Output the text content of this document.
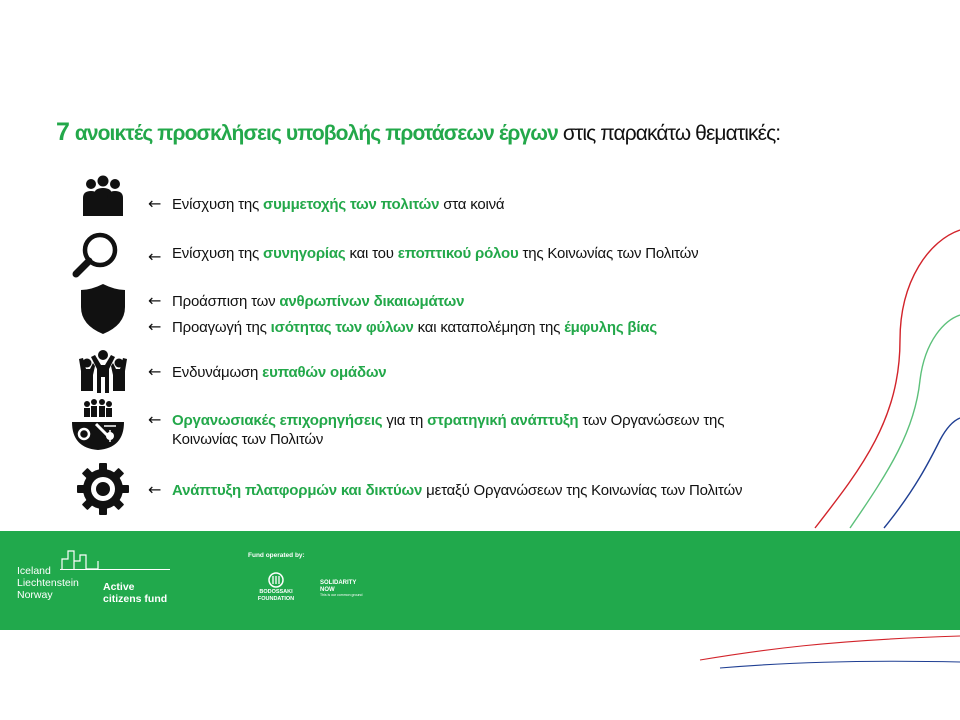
7 ανοικτές προσκλήσεις υποβολής προτάσεων έργων στις παρακάτω θεματικές:
← Ενίσχυση της συμμετοχής των πολιτών στα κοινά
← Ενίσχυση της συνηγορίας και του εποπτικού ρόλου της Κοινωνίας των Πολιτών
← Προάσπιση των ανθρωπίνων δικαιωμάτων
← Προαγωγή της ισότητας των φύλων και καταπολέμηση της έμφυλης βίας
← Ενδυνάμωση ευπαθών ομάδων
← Οργανωσιακές επιχορηγήσεις για τη στρατηγική ανάπτυξη των Οργανώσεων της
Κοινωνίας των Πολιτών
← Ανάπτυξη πλατφορμών και δικτύων μεταξύ Οργανώσεων της Κοινωνίας των Πολιτών
Iceland
Liechtenstein
Norway
Active
citizens fund
Fund operated by:
BODOSSAKI
FOUNDATION
SOLIDARITY
NOW
This is our common ground
